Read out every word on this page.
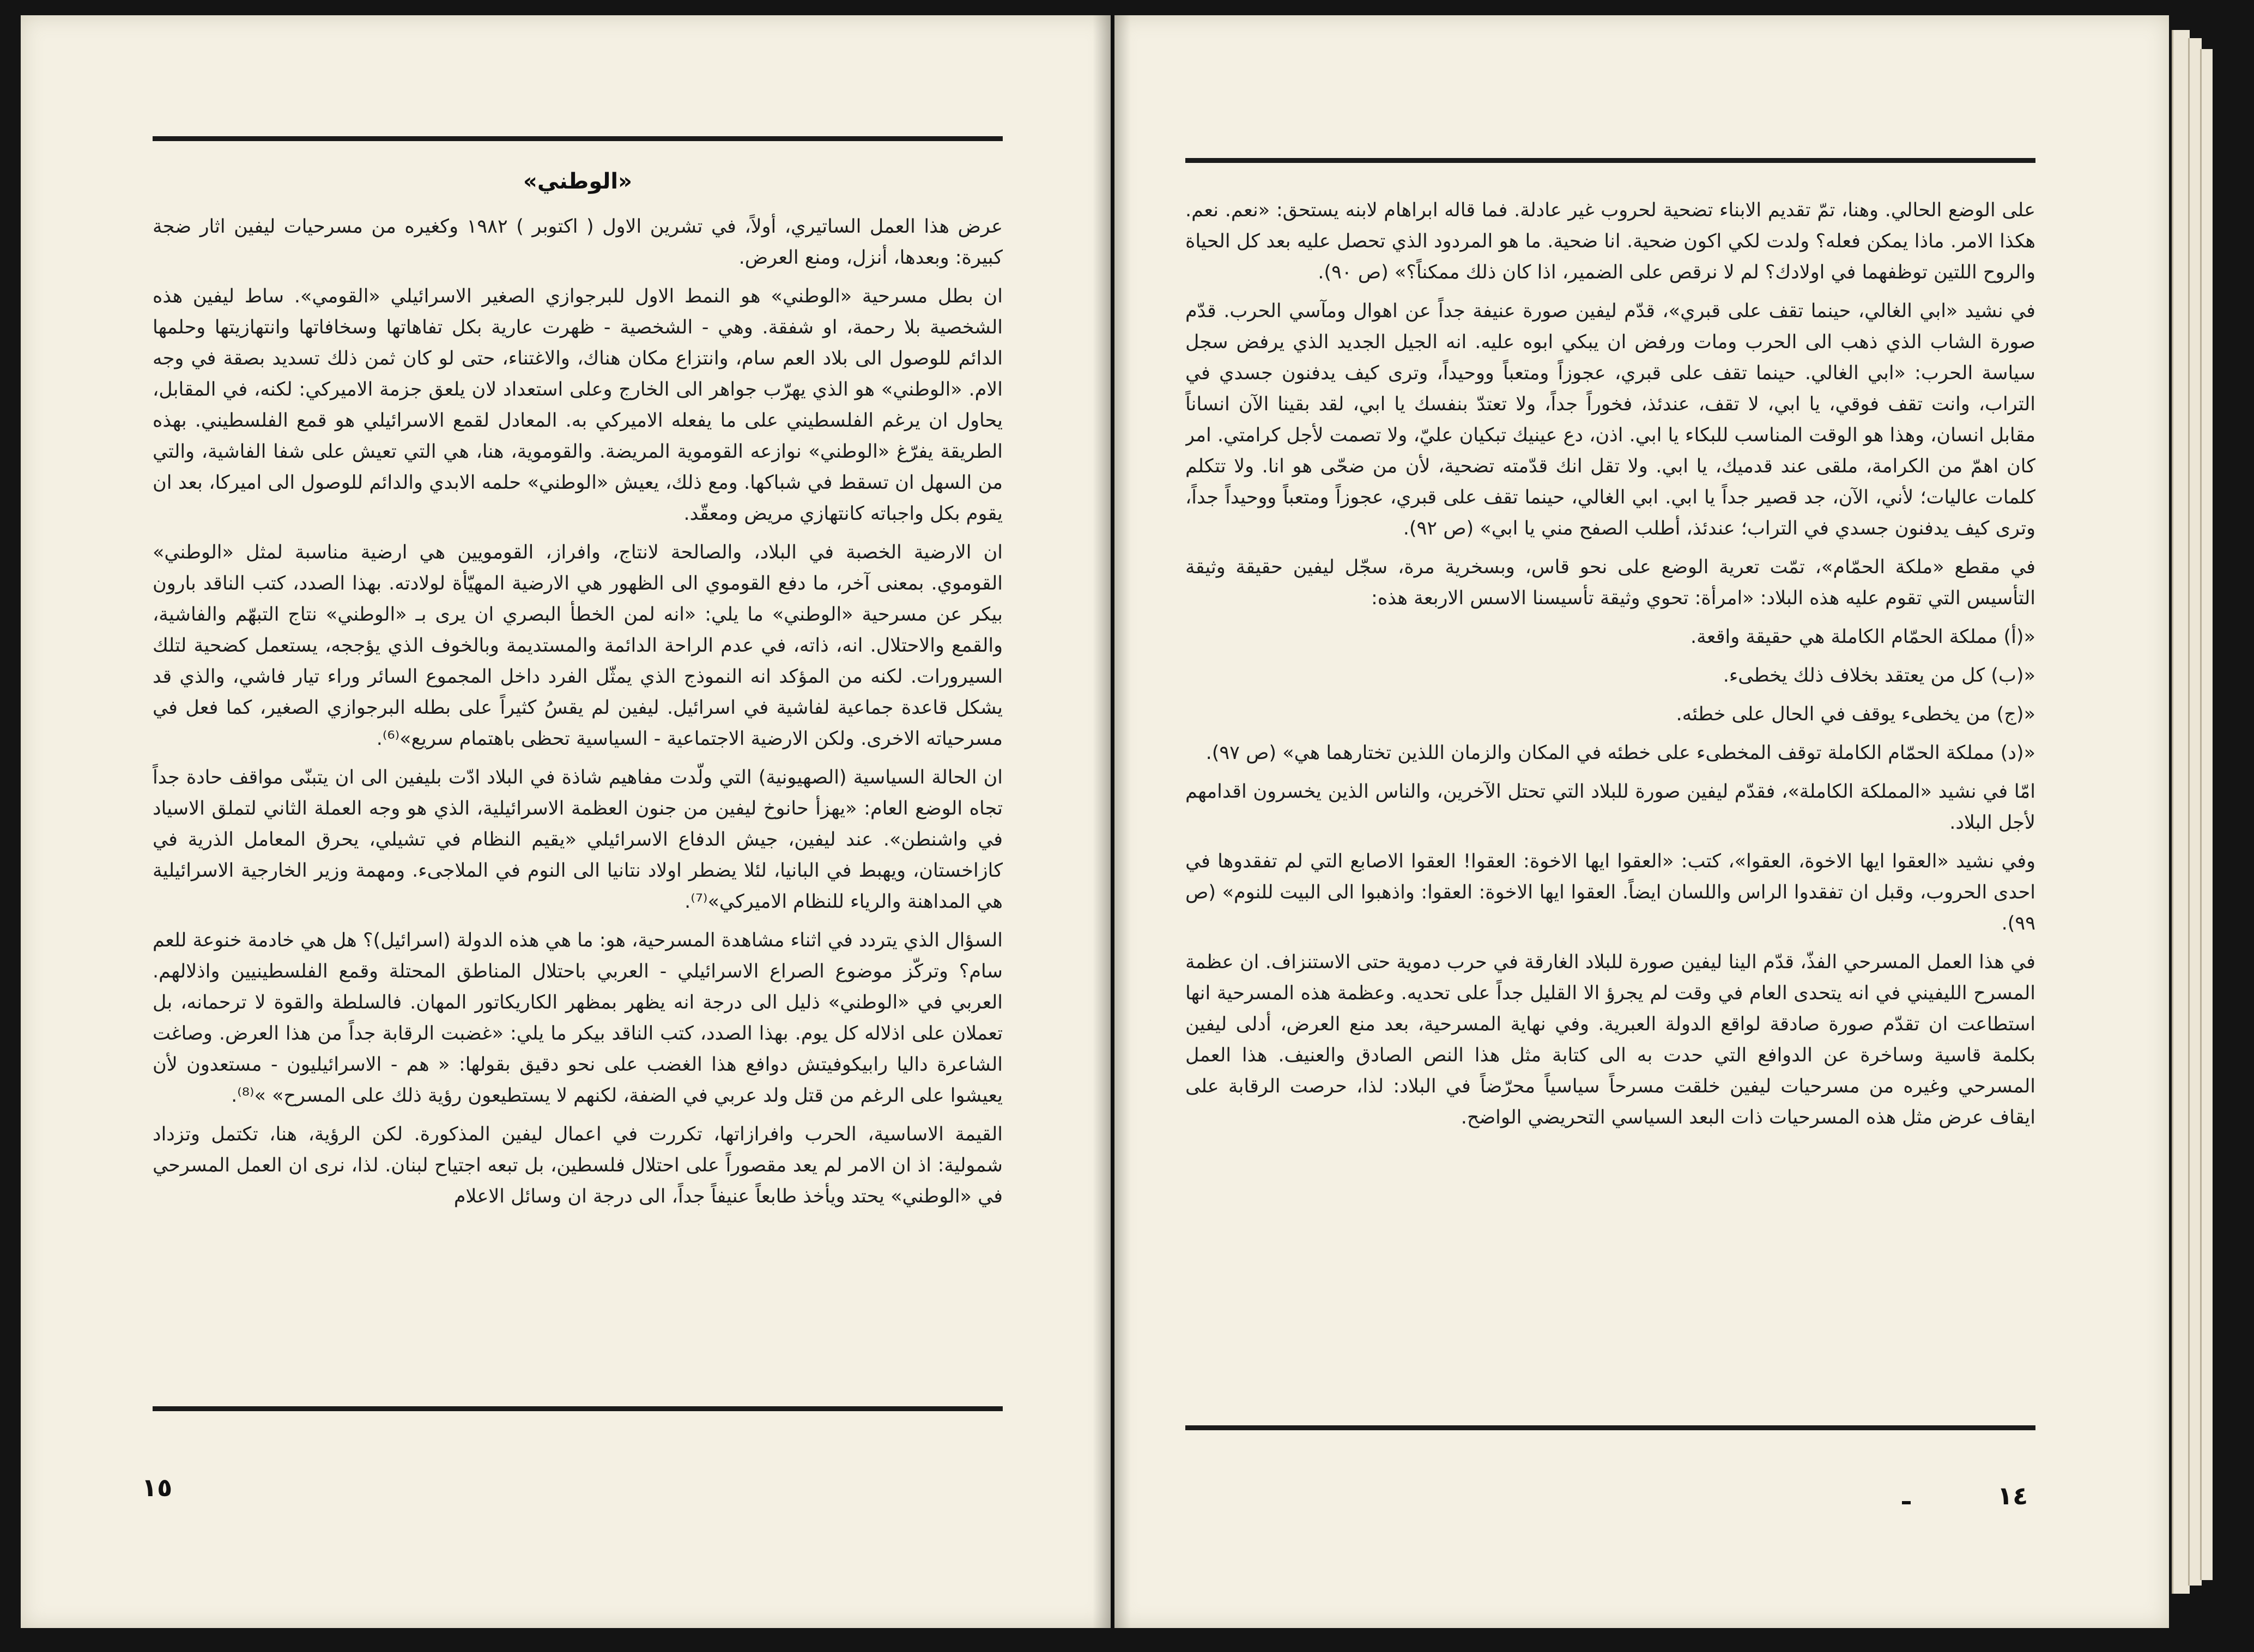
«الوطني»

عرض هذا العمل الساتيري، أولاً، في تشرين الاول ( اكتوبر ) ١٩٨٢ وكغيره من مسرحيات ليفين اثار ضجة كبيرة: وبعدها، أنزل، ومنع العرض.

ان بطل مسرحية «الوطني» هو النمط الاول للبرجوازي الصغير الاسرائيلي «القومي». ساط ليفين هذه الشخصية بلا رحمة، او شفقة. وهي - الشخصية - ظهرت عارية بكل تفاهاتها وسخافاتها وانتهازيتها وحلمها الدائم للوصول الى بلاد العم سام، وانتزاع مكان هناك، والاغتناء، حتى لو كان ثمن ذلك تسديد بصقة في وجه الام. «الوطني» هو الذي يهرّب جواهر الى الخارج وعلى استعداد لان يلعق جزمة الاميركي: لكنه، في المقابل، يحاول ان يرغم الفلسطيني على ما يفعله الاميركي به. المعادل لقمع الاسرائيلي هو قمع الفلسطيني. بهذه الطريقة يفرّغ «الوطني» نوازعه القوموية المريضة. والقوموية، هنا، هي التي تعيش على شفا الفاشية، والتي من السهل ان تسقط في شباكها. ومع ذلك، يعيش «الوطني» حلمه الابدي والدائم للوصول الى اميركا، بعد ان يقوم بكل واجباته كانتهازي مريض ومعقّد.

ان الارضية الخصبة في البلاد، والصالحة لانتاج، وافراز، القومويين هي ارضية مناسبة لمثل «الوطني» القوموي. بمعنى آخر، ما دفع القوموي الى الظهور هي الارضية المهيّأة لولادته. بهذا الصدد، كتب الناقد بارون بيكر عن مسرحية «الوطني» ما يلي: «انه لمن الخطأ البصري ان يرى بـ «الوطني» نتاج التبهّم والفاشية، والقمع والاحتلال. انه، ذاته، في عدم الراحة الدائمة والمستديمة وبالخوف الذي يؤججه، يستعمل كضحية لتلك السيرورات. لكنه من المؤكد انه النموذج الذي يمثّل الفرد داخل المجموع السائر وراء تيار فاشي، والذي قد يشكل قاعدة جماعية لفاشية في اسرائيل. ليفين لم يقسُ كثيراً على بطله البرجوازي الصغير، كما فعل في مسرحياته الاخرى. ولكن الارضية الاجتماعية - السياسية تحظى باهتمام سريع»⁽⁶⁾.

ان الحالة السياسية (الصهيونية) التي ولّدت مفاهيم شاذة في البلاد ادّت بليفين الى ان يتبنّى مواقف حادة جداً تجاه الوضع العام: «يهزأ حانوخ ليفين من جنون العظمة الاسرائيلية، الذي هو وجه العملة الثاني لتملق الاسياد في واشنطن». عند ليفين، جيش الدفاع الاسرائيلي «يقيم النظام في تشيلي، يحرق المعامل الذرية في كازاخستان، ويهبط في البانيا، لئلا يضطر اولاد نتانيا الى النوم في الملاجىء. ومهمة وزير الخارجية الاسرائيلية هي المداهنة والرياء للنظام الاميركي»⁽⁷⁾.

السؤال الذي يتردد في اثناء مشاهدة المسرحية، هو: ما هي هذه الدولة (اسرائيل)؟ هل هي خادمة خنوعة للعم سام؟ وتركّز موضوع الصراع الاسرائيلي - العربي باحتلال المناطق المحتلة وقمع الفلسطينيين واذلالهم. العربي في «الوطني» ذليل الى درجة انه يظهر بمظهر الكاريكاتور المهان. فالسلطة والقوة لا ترحمانه، بل تعملان على اذلاله كل يوم. بهذا الصدد، كتب الناقد بيكر ما يلي: «غضبت الرقابة جداً من هذا العرض. وصاغت الشاعرة داليا رابيكوفيتش دوافع هذا الغضب على نحو دقيق بقولها: « هم - الاسرائيليون - مستعدون لأن يعيشوا على الرغم من قتل ولد عربي في الضفة، لكنهم لا يستطيعون رؤية ذلك على المسرح» »⁽⁸⁾.

القيمة الاساسية، الحرب وافرازاتها، تكررت في اعمال ليفين المذكورة. لكن الرؤية، هنا، تكتمل وتزداد شمولية: اذ ان الامر لم يعد مقصوراً على احتلال فلسطين، بل تبعه اجتياح لبنان. لذا، نرى ان العمل المسرحي في «الوطني» يحتد ويأخذ طابعاً عنيفاً جداً، الى درجة ان وسائل الاعلام

١٥

على الوضع الحالي. وهنا، تمّ تقديم الابناء تضحية لحروب غير عادلة. فما قاله ابراهام لابنه يستحق: «نعم. نعم. هكذا الامر. ماذا يمكن فعله؟ ولدت لكي اكون ضحية. انا ضحية. ما هو المردود الذي تحصل عليه بعد كل الحياة والروح اللتين توظفهما في اولادك؟ لم لا نرقص على الضمير، اذا كان ذلك ممكناً؟» (ص ٩٠).

في نشيد «ابي الغالي، حينما تقف على قبري»، قدّم ليفين صورة عنيفة جداً عن اهوال ومآسي الحرب. قدّم صورة الشاب الذي ذهب الى الحرب ومات ورفض ان يبكي ابوه عليه. انه الجيل الجديد الذي يرفض سجل سياسة الحرب: «ابي الغالي. حينما تقف على قبري، عجوزاً ومتعباً ووحيداً، وترى كيف يدفنون جسدي في التراب، وانت تقف فوقي، يا ابي، لا تقف، عندئذ، فخوراً جداً، ولا تعتدّ بنفسك يا ابي، لقد بقينا الآن انساناً مقابل انسان، وهذا هو الوقت المناسب للبكاء يا ابي. اذن، دع عينيك تبكيان عليّ، ولا تصمت لأجل كرامتي. امر كان اهمّ من الكرامة، ملقى عند قدميك، يا ابي. ولا تقل انك قدّمته تضحية، لأن من ضحّى هو انا. ولا تتكلم كلمات عاليات؛ لأني، الآن، جد قصير جداً يا ابي. ابي الغالي، حينما تقف على قبري، عجوزاً ومتعباً ووحيداً جداً، وترى كيف يدفنون جسدي في التراب؛ عندئذ، أطلب الصفح مني يا ابي» (ص ٩٢).

في مقطع «ملكة الحمّام»، تمّت تعرية الوضع على نحو قاس، وبسخرية مرة، سجّل ليفين حقيقة وثيقة التأسيس التي تقوم عليه هذه البلاد: «امرأة: تحوي وثيقة تأسيسنا الاسس الاربعة هذه:

«(أ) مملكة الحمّام الكاملة هي حقيقة واقعة.

«(ب) كل من يعتقد بخلاف ذلك يخطىء.

«(ج) من يخطىء يوقف في الحال على خطئه.

«(د) مملكة الحمّام الكاملة توقف المخطىء على خطئه في المكان والزمان اللذين تختارهما هي» (ص ٩٧).

امّا في نشيد «المملكة الكاملة»، فقدّم ليفين صورة للبلاد التي تحتل الآخرين، والناس الذين يخسرون اقدامهم لأجل البلاد.

وفي نشيد «العقوا ايها الاخوة، العقوا»، كتب: «العقوا ايها الاخوة: العقوا! العقوا الاصابع التي لم تفقدوها في احدى الحروب، وقبل ان تفقدوا الراس واللسان ايضاً. العقوا ايها الاخوة: العقوا: واذهبوا الى البيت للنوم» (ص ٩٩).

في هذا العمل المسرحي الفذّ، قدّم الينا ليفين صورة للبلاد الغارقة في حرب دموية حتى الاستنزاف. ان عظمة المسرح الليفيني في انه يتحدى العام في وقت لم يجرؤ الا القليل جداً على تحديه. وعظمة هذه المسرحية انها استطاعت ان تقدّم صورة صادقة لواقع الدولة العبرية. وفي نهاية المسرحية، بعد منع العرض، أدلى ليفين بكلمة قاسية وساخرة عن الدوافع التي حدت به الى كتابة مثل هذا النص الصادق والعنيف. هذا العمل المسرحي وغيره من مسرحيات ليفين خلقت مسرحاً سياسياً محرّضاً في البلاد: لذا، حرصت الرقابة على ايقاف عرض مثل هذه المسرحيات ذات البعد السياسي التحريضي الواضح.

١٤
